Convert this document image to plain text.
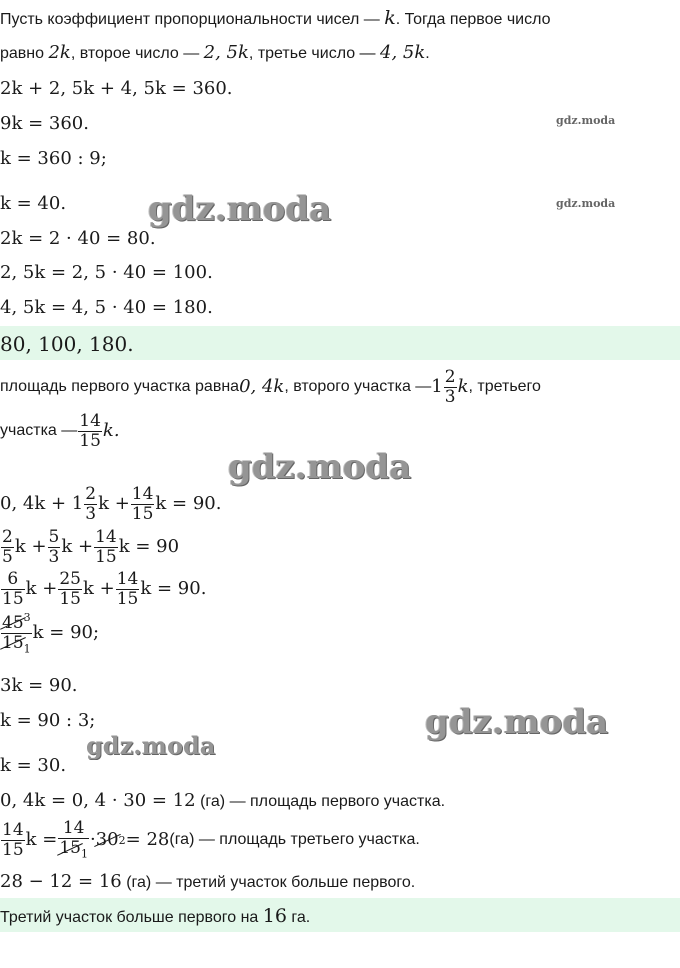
Пусть коэффициент пропорциональности чисел — k. Тогда первое число
равно 2k, второе число — 2, 5k, третье число — 4, 5k.
2k + 2, 5k + 4, 5k = 360.
9k = 360.
k = 360 : 9;
k = 40.
2k = 2 · 40 = 80.
2, 5k = 2, 5 · 40 = 100.
4, 5k = 4, 5 · 40 = 180.
80, 100, 180.
площадь первого участка равна 0, 4k , второго участка — $1 \frac{2}{3}$ k , третьего
участка — $\frac{14}{15} k$.
0, $4k + 1 \frac{2}{3}$ $k + \frac{14}{15}$ k = 90.
$\frac{2}{5}$ $k + \frac{5}{3}$ $k + \frac{14}{15}$ k = 90
$\frac{6}{15}$ $k + \frac{25}{15}$ $k + \frac{14}{15}$ k = 90.
$\frac{45^3}{15_1}$ k = 90;
3k = 90.
k = 90 : 3;
k = 30.
0, 4k = 0, 4 · 30 = 12 (га) — площадь первого участка.
$\frac{14}{15}$ $k = \frac{14}{15_1} \cdot 30$ 2 = 28 (га) — площадь третьего участка.
28 − 12 = 16 (га) — третий участок больше первого.
Третий участок больше первого на 16 га.
gdz.moda
gdz.moda
gdz.moda
gdz.moda
gdz.moda
gdz.moda
